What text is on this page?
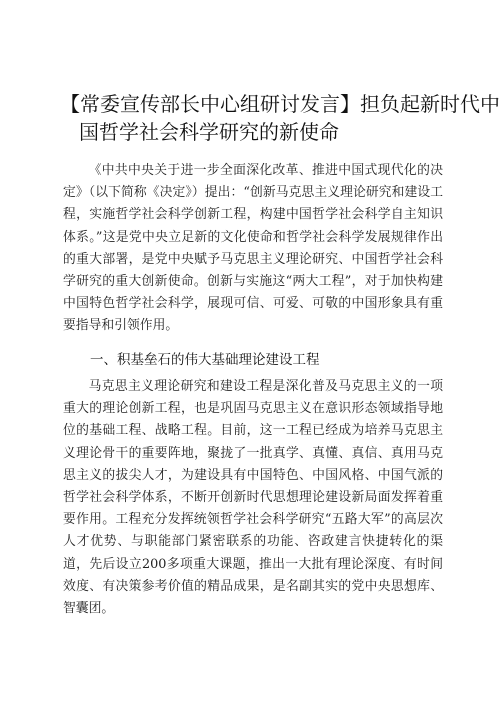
【常委宣传部长中心组研讨发言】担负起新时代中
国哲学社会科学研究的新使命

《中共中央关于进一步全面深化改革、推进中国式现代化的决定》（以下简称《决定》）提出：“创新马克思主义理论研究和建设工程，实施哲学社会科学创新工程，构建中国哲学社会科学自主知识体系。”这是党中央立足新的文化使命和哲学社会科学发展规律作出的重大部署，是党中央赋予马克思主义理论研究、中国哲学社会科学研究的重大创新使命。创新与实施这“两大工程”，对于加快构建中国特色哲学社会科学，展现可信、可爱、可敬的中国形象具有重要指导和引领作用。

一、积基垒石的伟大基础理论建设工程

马克思主义理论研究和建设工程是深化普及马克思主义的一项重大的理论创新工程，也是巩固马克思主义在意识形态领域指导地位的基础工程、战略工程。目前，这一工程已经成为培养马克思主义理论骨干的重要阵地，聚拢了一批真学、真懂、真信、真用马克思主义的拔尖人才，为建设具有中国特色、中国风格、中国气派的哲学社会科学体系，不断开创新时代思想理论建设新局面发挥着重要作用。工程充分发挥统领哲学社会科学研究“五路大军”的高层次人才优势、与职能部门紧密联系的功能、咨政建言快捷转化的渠道，先后设立200多项重大课题，推出一大批有理论深度、有时间效度、有决策参考价值的精品成果，是名副其实的党中央思想库、智囊团。
